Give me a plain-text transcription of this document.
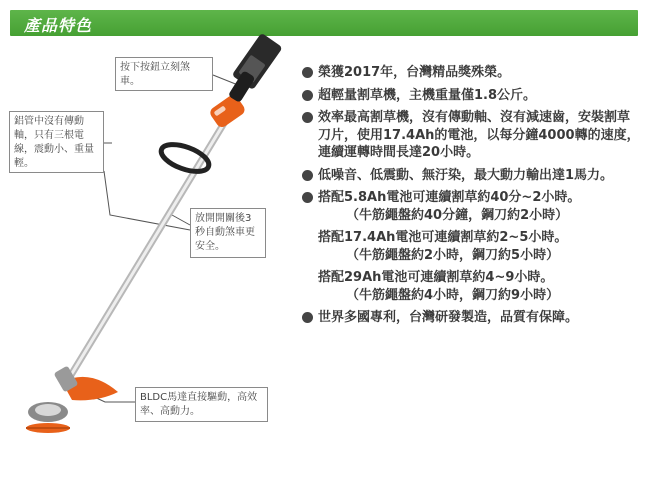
產品特色
按下按鈕立刻煞車。
鋁管中沒有傳動軸，只有三根電線，震動小、重量輕。
放開開關後3秒自動煞車更安全。
BLDC馬達直接驅動，高效率、高動力。
榮獲2017年，台灣精品獎殊榮。
超輕量割草機，主機重量僅1.8公斤。
效率最高割草機，沒有傳動軸、沒有減速齒，安裝割草刀片，使用17.4Ah的電池，以每分鐘4000轉的速度，連續運轉時間長達20小時。
低噪音、低震動、無汙染，最大動力輸出達1馬力。
搭配5.8Ah電池可連續割草約40分~2小時。
（牛筋繩盤約40分鐘，鋼刀約2小時）
搭配17.4Ah電池可連續割草約2~5小時。
（牛筋繩盤約2小時，鋼刀約5小時）
搭配29Ah電池可連續割草約4~9小時。
（牛筋繩盤約4小時，鋼刀約9小時）
世界多國專利，台灣研發製造，品質有保障。
